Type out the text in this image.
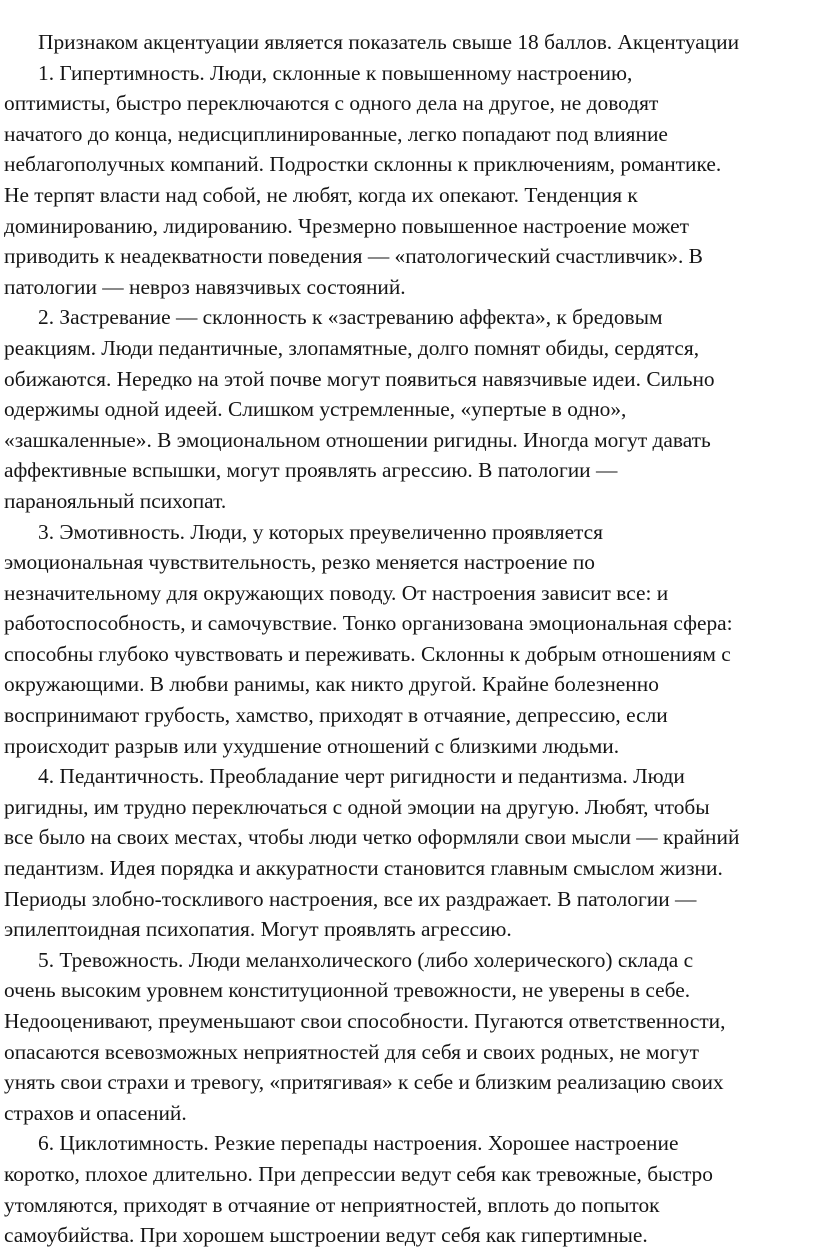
Признаком акцентуации является показатель свыше 18 баллов. Акцентуации
1. Гипертимность. Люди, склонные к повышенному настроению,
оптимисты, быстро переключаются с одного дела на другое, не доводят
начатого до конца, недисциплинированные, легко попадают под влияние
неблагополучных компаний. Подростки склонны к приключениям, романтике.
Не терпят власти над собой, не любят, когда их опекают. Тенденция к
доминированию, лидированию. Чрезмерно повышенное настроение может
приводить к неадекватности поведения — «патологический счастливчик». В
патологии — невроз навязчивых состояний.
2. Застревание — склонность к «застреванию аффекта», к бредовым
реакциям. Люди педантичные, злопамятные, долго помнят обиды, сердятся,
обижаются. Нередко на этой почве могут появиться навязчивые идеи. Сильно
одержимы одной идеей. Слишком устремленные, «упертые в одно»,
«зашкаленные». В эмоциональном отношении ригидны. Иногда могут давать
аффективные вспышки, могут проявлять агрессию. В патологии —
паранояльный психопат.
3. Эмотивность. Люди, у которых преувеличенно проявляется
эмоциональная чувствительность, резко меняется настроение по
незначительному для окружающих поводу. От настроения зависит все: и
работоспособность, и самочувствие. Тонко организована эмоциональная сфера:
способны глубоко чувствовать и переживать. Склонны к добрым отношениям с
окружающими. В любви ранимы, как никто другой. Крайне болезненно
воспринимают грубость, хамство, приходят в отчаяние, депрессию, если
происходит разрыв или ухудшение отношений с близкими людьми.
4. Педантичность. Преобладание черт ригидности и педантизма. Люди
ригидны, им трудно переключаться с одной эмоции на другую. Любят, чтобы
все было на своих местах, чтобы люди четко оформляли свои мысли — крайний
педантизм. Идея порядка и аккуратности становится главным смыслом жизни.
Периоды злобно-тоскливого настроения, все их раздражает. В патологии —
эпилептоидная психопатия. Могут проявлять агрессию.
5. Тревожность. Люди меланхолического (либо холерического) склада с
очень высоким уровнем конституционной тревожности, не уверены в себе.
Недооценивают, преуменьшают свои способности. Пугаются ответственности,
опасаются всевозможных неприятностей для себя и своих родных, не могут
унять свои страхи и тревогу, «притягивая» к себе и близким реализацию своих
страхов и опасений.
6. Циклотимность. Резкие перепады настроения. Хорошее настроение
коротко, плохое длительно. При депрессии ведут себя как тревожные, быстро
утомляются, приходят в отчаяние от неприятностей, вплоть до попыток
самоубийства. При хорошем ьшстроении ведут себя как гипертимные.
